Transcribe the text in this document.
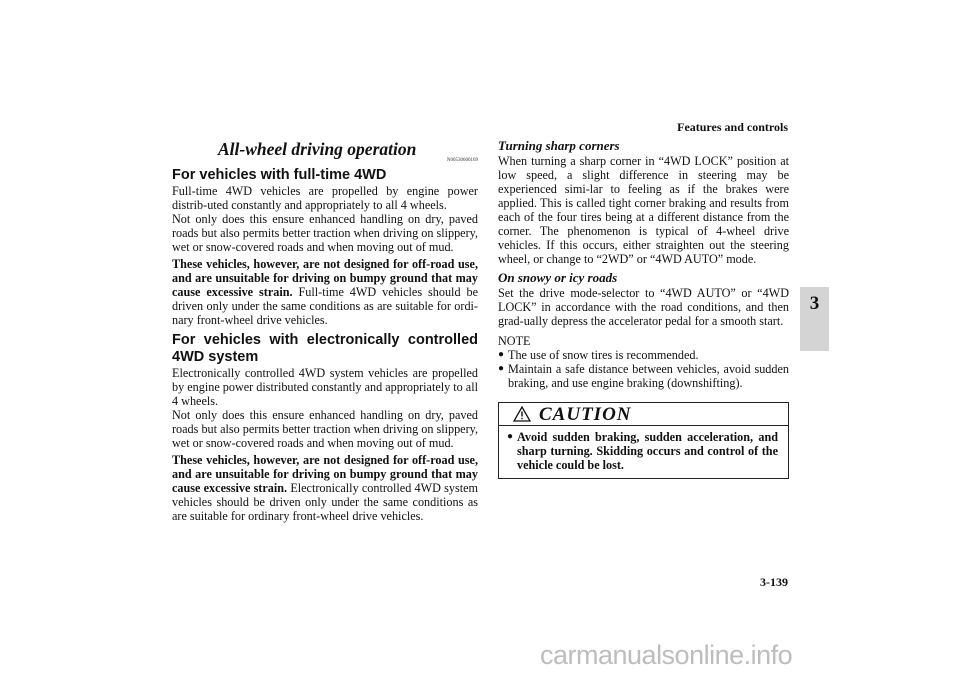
Features and controls
3
All-wheel driving operation
N00530600169
For vehicles with full-time 4WD

Full-time 4WD vehicles are propelled by engine power distrib-uted constantly and appropriately to all 4 wheels.

Not only does this ensure enhanced handling on dry, paved roads but also permits better traction when driving on slippery, wet or snow-covered roads and when moving out of mud.

These vehicles, however, are not designed for off-road use, and are unsuitable for driving on bumpy ground that may cause excessive strain. Full-time 4WD vehicles should be driven only under the same conditions as are suitable for ordi-nary front-wheel drive vehicles.

For vehicles with electronically controlled 4WD system

Electronically controlled 4WD system vehicles are propelled by engine power distributed constantly and appropriately to all 4 wheels.

Not only does this ensure enhanced handling on dry, paved roads but also permits better traction when driving on slippery, wet or snow-covered roads and when moving out of mud.

These vehicles, however, are not designed for off-road use, and are unsuitable for driving on bumpy ground that may cause excessive strain. Electronically controlled 4WD system vehicles should be driven only under the same conditions as are suitable for ordinary front-wheel drive vehicles.

Turning sharp corners

When turning a sharp corner in “4WD LOCK” position at low speed, a slight difference in steering may be experienced simi-lar to feeling as if the brakes were applied. This is called tight corner braking and results from each of the four tires being at a different distance from the corner. The phenomenon is typical of 4-wheel drive vehicles. If this occurs, either straighten out the steering wheel, or change to “2WD” or “4WD AUTO” mode.

On snowy or icy roads

Set the drive mode-selector to “4WD AUTO” or “4WD LOCK” in accordance with the road conditions, and then grad-ually depress the accelerator pedal for a smooth start.

NOTE

● The use of snow tires is recommended.
● Maintain a safe distance between vehicles, avoid sudden braking, and use engine braking (downshifting).
CAUTION
● Avoid sudden braking, sudden acceleration, and sharp turning. Skidding occurs and control of the vehicle could be lost.
3-139
carmanualsonline.info
